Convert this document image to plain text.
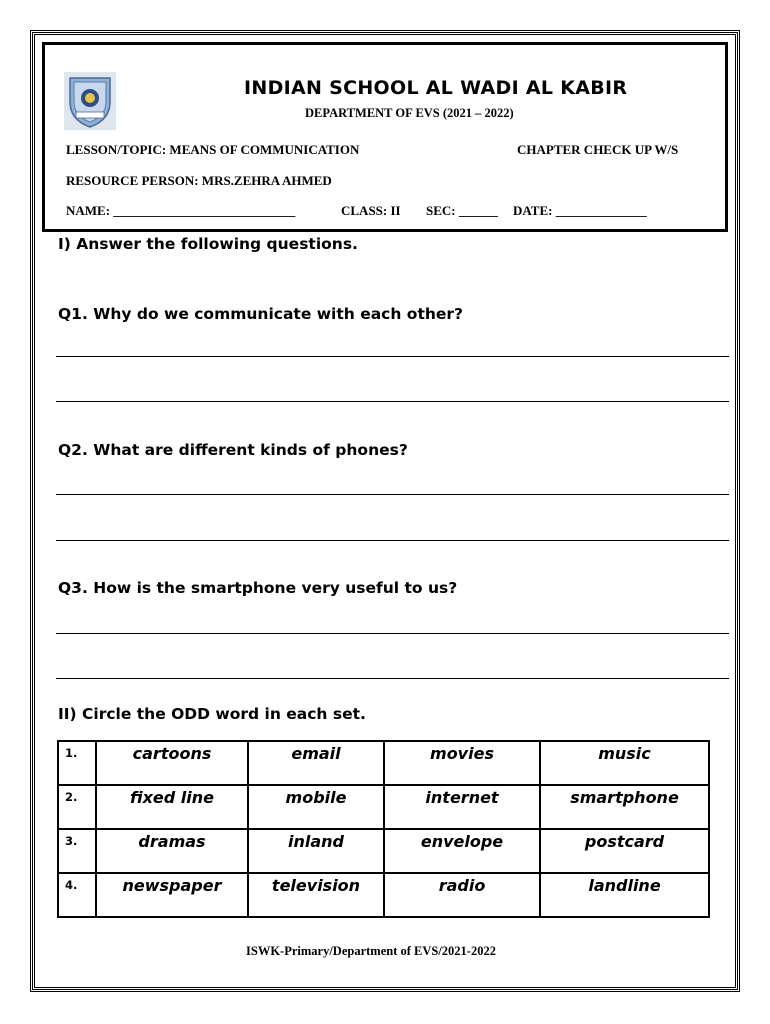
INDIAN SCHOOL AL WADI AL KABIR
DEPARTMENT OF EVS (2021 – 2022)
LESSON/TOPIC: MEANS OF COMMUNICATION	CHAPTER CHECK UP W/S
RESOURCE PERSON: MRS.ZEHRA AHMED
NAME: ____________________________	CLASS: II SEC: ______ DATE: ______________
I) Answer the following questions.
Q1. Why do we communicate with each other?
Q2. What are different kinds of phones?
Q3. How is the smartphone very useful to us?
II) Circle the ODD word in each set.
1.	cartoons	email	movies	music
2.	fixed line	mobile	internet	smartphone
3.	dramas	inland	envelope	postcard
4.	newspaper	television	radio	landline
ISWK-Primary/Department of EVS/2021-2022
